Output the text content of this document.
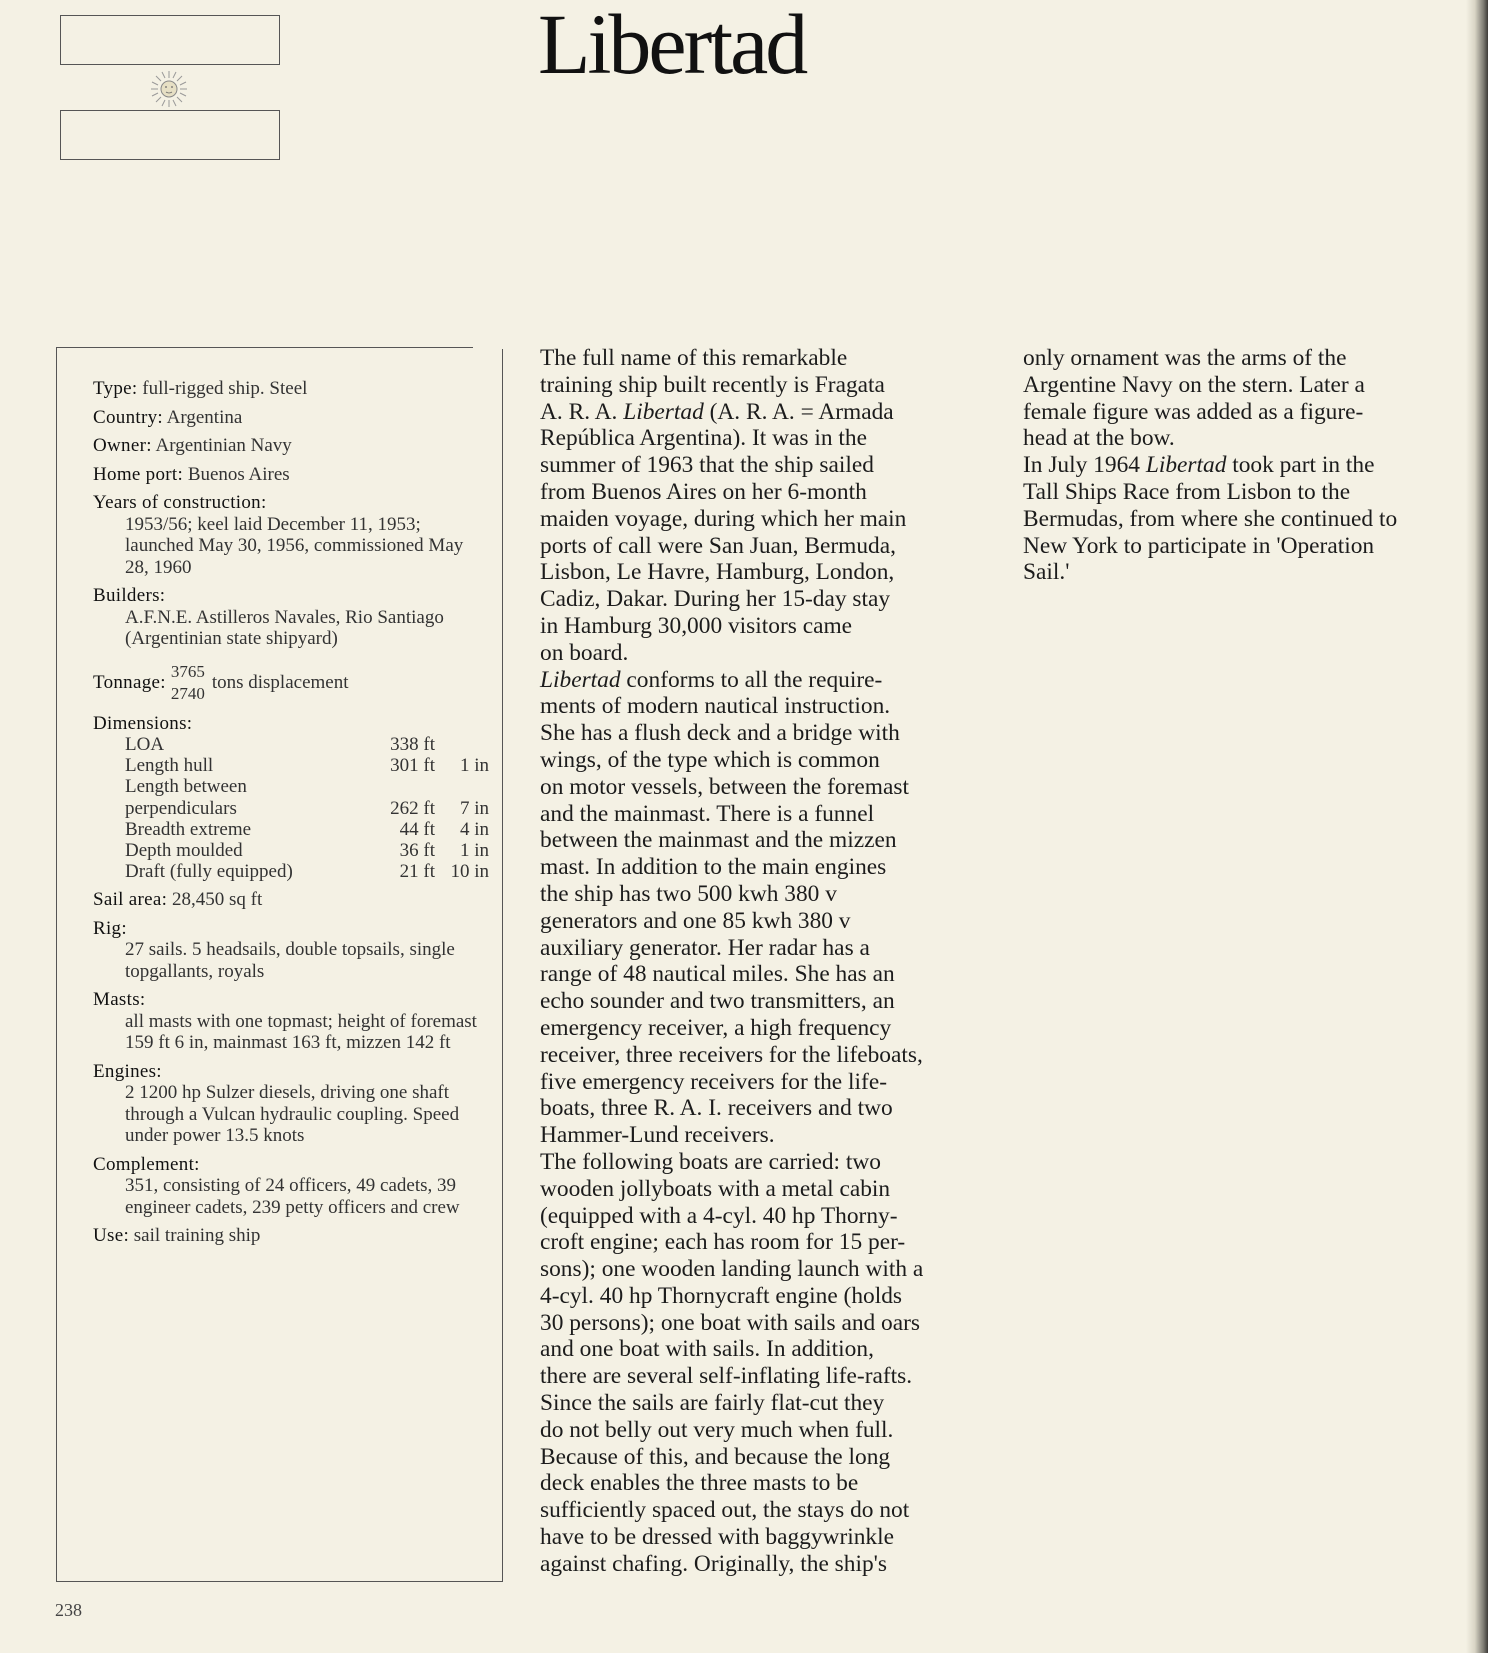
Libertad
Type: full-rigged ship. Steel
Country: Argentina
Owner: Argentinian Navy
Home port: Buenos Aires
Years of construction:
1953/56; keel laid December 11, 1953; launched May 30, 1956, commissioned May 28, 1960
Builders:
A.F.N.E. Astilleros Navales, Rio Santiago (Argentinian state shipyard)
Tonnage:
3765
2740
tons displacement
Dimensions:
LOA	338 ft	
Length hull	301 ft	1 in
Length between		
perpendiculars	262 ft	7 in
Breadth extreme	44 ft	4 in
Depth moulded	36 ft	1 in
Draft (fully equipped)	21 ft	10 in
Sail area: 28,450 sq ft
Rig:
27 sails. 5 headsails, double topsails, single topgallants, royals
Masts:
all masts with one topmast; height of foremast 159 ft 6 in, mainmast 163 ft, mizzen 142 ft
Engines:
2 1200 hp Sulzer diesels, driving one shaft through a Vulcan hydraulic coupling. Speed under power 13.5 knots
Complement:
351, consisting of 24 officers, 49 cadets, 39 engineer cadets, 239 petty officers and crew
Use: sail training ship

The full name of this remarkable
training ship built recently is Fragata
A. R. A. Libertad (A. R. A. = Armada
República Argentina). It was in the
summer of 1963 that the ship sailed
from Buenos Aires on her 6-month
maiden voyage, during which her main
ports of call were San Juan, Bermuda,
Lisbon, Le Havre, Hamburg, London,
Cadiz, Dakar. During her 15-day stay
in Hamburg 30,000 visitors came
on board.

Libertad conforms to all the require-
ments of modern nautical instruction.
She has a flush deck and a bridge with
wings, of the type which is common
on motor vessels, between the foremast
and the mainmast. There is a funnel
between the mainmast and the mizzen
mast. In addition to the main engines
the ship has two 500 kwh 380 v
generators and one 85 kwh 380 v
auxiliary generator. Her radar has a
range of 48 nautical miles. She has an
echo sounder and two transmitters, an
emergency receiver, a high frequency
receiver, three receivers for the lifeboats,
five emergency receivers for the life-
boats, three R. A. I. receivers and two
Hammer-Lund receivers.

The following boats are carried: two
wooden jollyboats with a metal cabin
(equipped with a 4-cyl. 40 hp Thorny-
croft engine; each has room for 15 per-
sons); one wooden landing launch with a
4-cyl. 40 hp Thornycraft engine (holds
30 persons); one boat with sails and oars
and one boat with sails. In addition,
there are several self-inflating life-rafts.
Since the sails are fairly flat-cut they
do not belly out very much when full.
Because of this, and because the long
deck enables the three masts to be
sufficiently spaced out, the stays do not
have to be dressed with baggywrinkle
against chafing. Originally, the ship's

only ornament was the arms of the
Argentine Navy on the stern. Later a
female figure was added as a figure-
head at the bow.

In July 1964 Libertad took part in the
Tall Ships Race from Lisbon to the
Bermudas, from where she continued to
New York to participate in 'Operation
Sail.'

238
